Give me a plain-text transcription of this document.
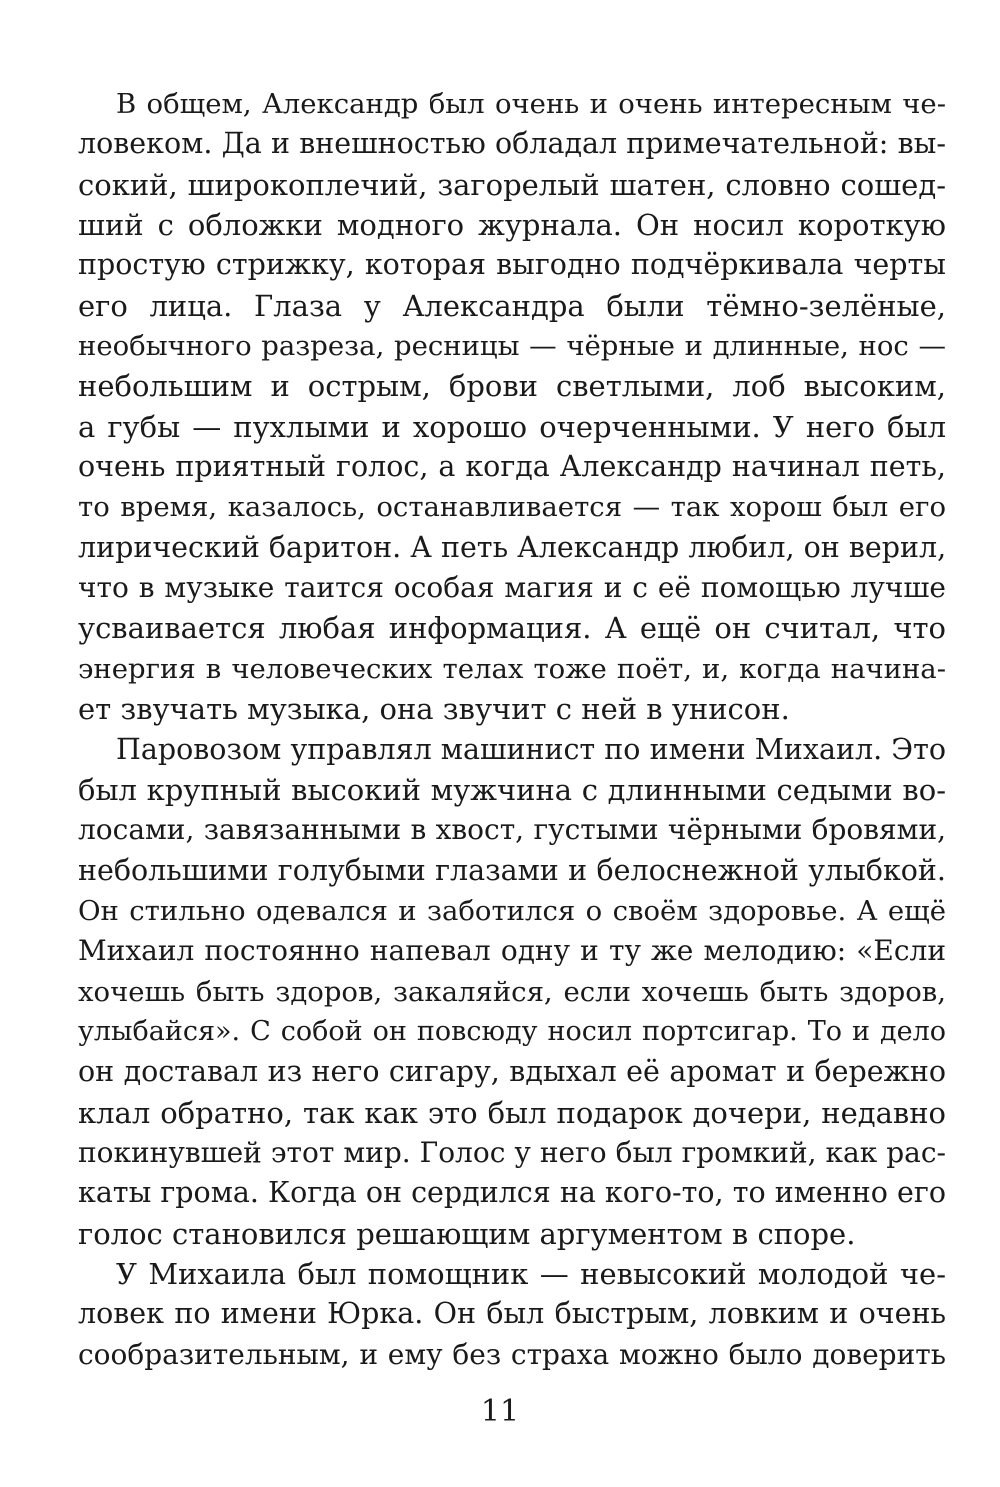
В общем, Александр был очень и очень интересным че-
ловеком. Да и внешностью обладал примечательной: вы-
сокий, широкоплечий, загорелый шатен, словно сошед-
ший с обложки модного журнала. Он носил короткую
простую стрижку, которая выгодно подчёркивала черты
его лица. Глаза у Александра были тёмно-зелёные,
необычного разреза, ресницы — чёрные и длинные, нос —
небольшим и острым, брови светлыми, лоб высоким,
а губы — пухлыми и хорошо очерченными. У него был
очень приятный голос, а когда Александр начинал петь,
то время, казалось, останавливается — так хорош был его
лирический баритон. А петь Александр любил, он верил,
что в музыке таится особая магия и с её помощью лучше
усваивается любая информация. А ещё он считал, что
энергия в человеческих телах тоже поёт, и, когда начина-
ет звучать музыка, она звучит с ней в унисон.
Паровозом управлял машинист по имени Михаил. Это
был крупный высокий мужчина с длинными седыми во-
лосами, завязанными в хвост, густыми чёрными бровями,
небольшими голубыми глазами и белоснежной улыбкой.
Он стильно одевался и заботился о своём здоровье. А ещё
Михаил постоянно напевал одну и ту же мелодию: «Если
хочешь быть здоров, закаляйся, если хочешь быть здоров,
улыбайся». С собой он повсюду носил портсигар. То и дело
он доставал из него сигару, вдыхал её аромат и бережно
клал обратно, так как это был подарок дочери, недавно
покинувшей этот мир. Голос у него был громкий, как рас-
каты грома. Когда он сердился на кого-то, то именно его
голос становился решающим аргументом в споре.
У Михаила был помощник — невысокий молодой че-
ловек по имени Юрка. Он был быстрым, ловким и очень
сообразительным, и ему без страха можно было доверить
11
